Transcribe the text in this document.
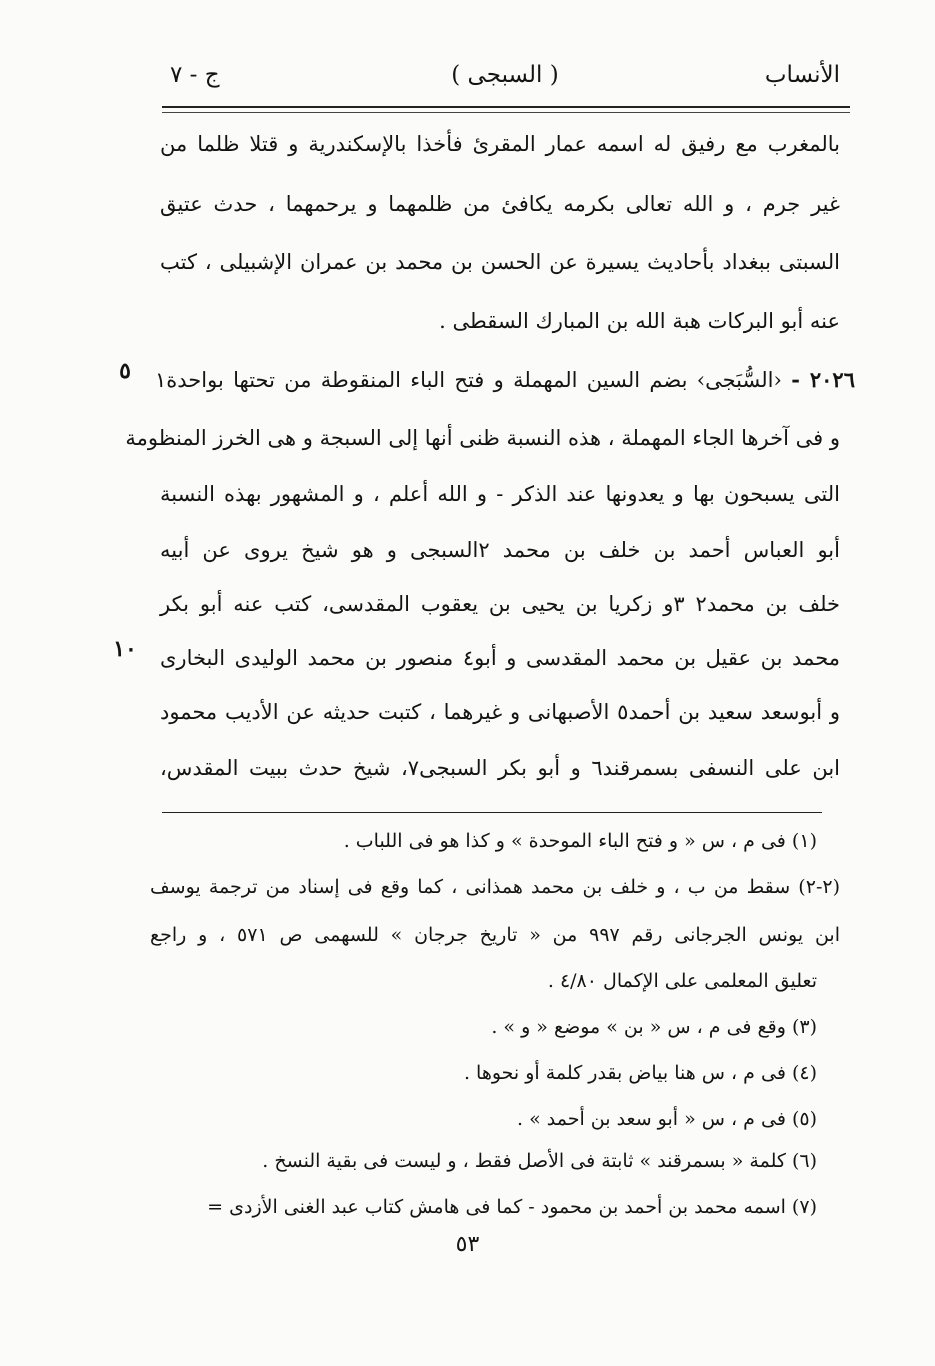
الأنساب
( السبجى )
ج - ٧
بالمغرب مع رفيق له اسمه عمار المقرئ فأخذا بالإسكندرية و قتلا ظلما من
غير جرم ، و الله تعالى بكرمه يكافئ من ظلمهما و يرحمهما ، حدث عتيق
السبتى ببغداد بأحاديث يسيرة عن الحسن بن محمد بن عمران الإشبيلى ، كتب
عنه أبو البركات هبة الله بن المبارك السقطى .
٢٠٢٦ - ‹السُّبَجى› بضم السين المهملة و فتح الباء المنقوطة من تحتها بواحدة١
٥
و فى آخرها الجاء المهملة ، هذه النسبة ظنى أنها إلى السبجة و هى الخرز المنظومة
التى يسبحون بها و يعدونها عند الذكر - و الله أعلم ، و المشهور بهذه النسبة
أبو العباس أحمد بن خلف بن محمد ٢السبجى و هو شيخ يروى عن أبيه
خلف بن محمد٢ ٣و زكريا بن يحيى بن يعقوب المقدسى، كتب عنه أبو بكر
محمد بن عقيل بن محمد المقدسى و أبو٤ منصور بن محمد الوليدى البخارى
١٠
و أبوسعد سعيد بن أحمد٥ الأصبهانى و غيرهما ، كتبت حديثه عن الأديب محمود
ابن على النسفى بسمرقند٦ و أبو بكر السبجى٧، شيخ حدث ببيت المقدس،
(١) فى م ، س « و فتح الباء الموحدة » و كذا هو فى اللباب .
(٢-٢) سقط من ب ، و خلف بن محمد همذانى ، كما وقع فى إسناد من ترجمة يوسف
ابن يونس الجرجانى رقم ٩٩٧ من « تاريخ جرجان » للسهمى ص ٥٧١ ، و راجع
تعليق المعلمى على الإكمال ٤/٨٠ .
(٣) وقع فى م ، س « بن » موضع « و » .
(٤) فى م ، س هنا بياض بقدر كلمة أو نحوها .
(٥) فى م ، س « أبو سعد بن أحمد » .
(٦) كلمة « بسمرقند » ثابتة فى الأصل فقط ، و ليست فى بقية النسخ .
(٧) اسمه محمد بن أحمد بن محمود - كما فى هامش كتاب عبد الغنى الأزدى =
٥٣
